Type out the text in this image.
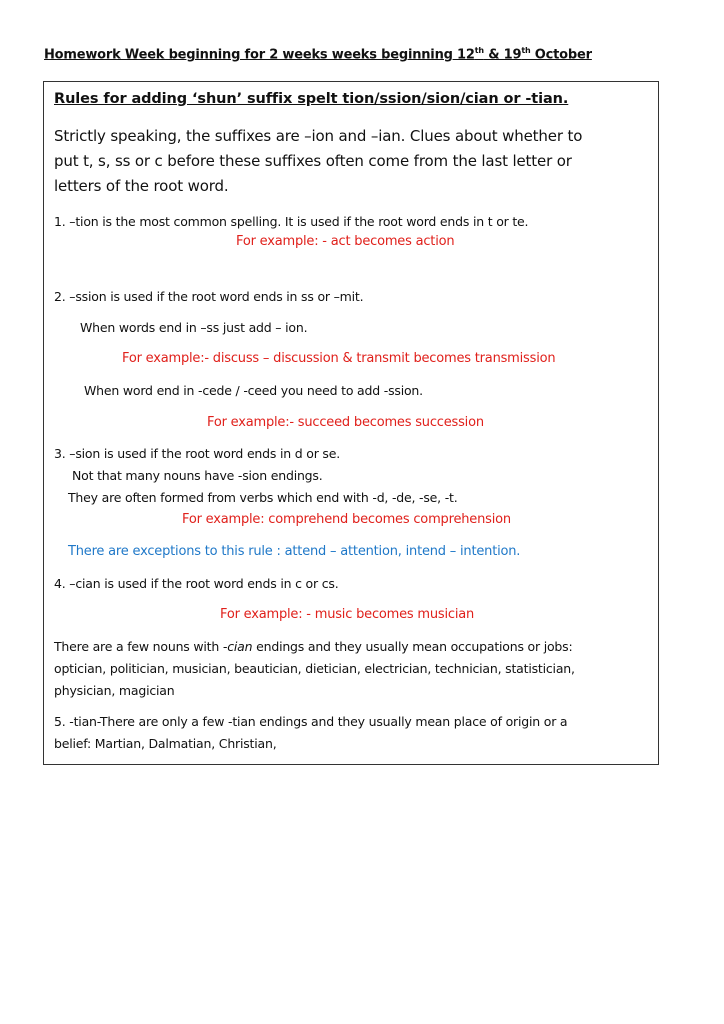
Homework Week beginning for 2 weeks weeks beginning 12th & 19th October
Rules for adding ‘shun’ suffix spelt tion/ssion/sion/cian or -tian.
Strictly speaking, the suffixes are –ion and –ian. Clues about whether to
put t, s, ss or c before these suffixes often come from the last letter or
letters of the root word.
1. –tion is the most common spelling. It is used if the root word ends in t or te.
For example: - act becomes action
2. –ssion is used if the root word ends in ss or –mit.
When words end in –ss just add – ion.
For example:- discuss – discussion & transmit becomes transmission
When word end in -cede / -ceed you need to add -ssion.
For example:- succeed becomes succession
3. –sion is used if the root word ends in d or se.
Not that many nouns have -sion endings.
They are often formed from verbs which end with -d, -de, -se, -t.
For example: comprehend becomes comprehension
There are exceptions to this rule : attend – attention, intend – intention.
4. –cian is used if the root word ends in c or cs.
For example: - music becomes musician
There are a few nouns with -cian endings and they usually mean occupations or jobs:
optician, politician, musician, beautician, dietician, electrician, technician, statistician,
physician, magician
5. -tian-There are only a few -tian endings and they usually mean place of origin or a
belief: Martian, Dalmatian, Christian,
